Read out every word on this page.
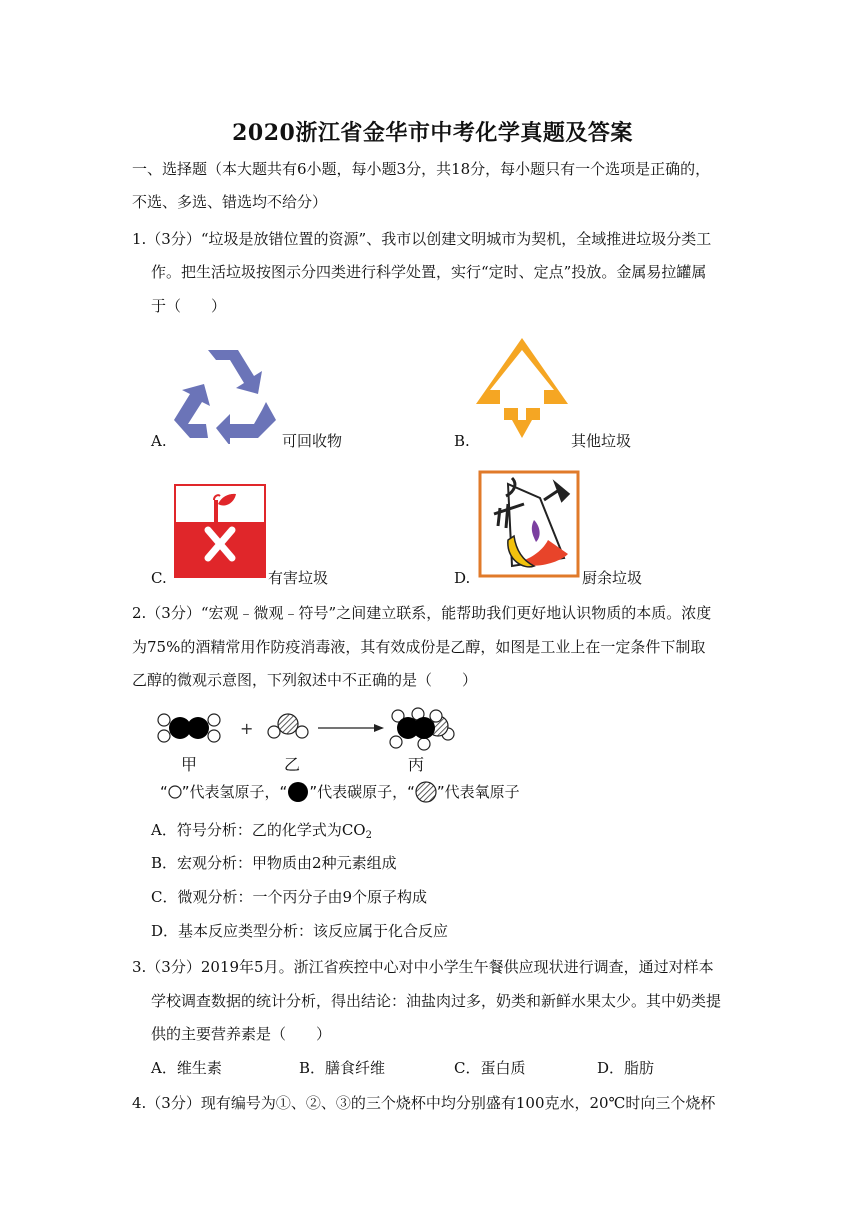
2020浙江省金华市中考化学真题及答案
一、选择题（本大题共有6小题，每小题3分，共18分，每小题只有一个选项是正确的，
不选、多选、错选均不给分）
1.（3分）“垃圾是放错位置的资源”、我市以创建文明城市为契机，全域推进垃圾分类工
作。把生活垃圾按图示分四类进行科学处置，实行“定时、定点”投放。金属易拉罐属
于（　　）
A.	可回收物	B.	其他垃圾
C.	有害垃圾	D.	厨余垃圾
2.（3分）“宏观﹣微观﹣符号”之间建立联系，能帮助我们更好地认识物质的本质。浓度
为75%的酒精常用作防疫消毒液，其有效成份是乙醇，如图是工业上在一定条件下制取
乙醇的微观示意图，下列叙述中不正确的是（　　）
+
甲	乙	丙
“ ”代表氢原子，“ ”代表碳原子，“ ”代表氧原子
A．符号分析：乙的化学式为$CO_2$
B．宏观分析：甲物质由2种元素组成
C．微观分析：一个丙分子由9个原子构成
D．基本反应类型分析：该反应属于化合反应
3.（3分）2019年5月。浙江省疾控中心对中小学生午餐供应现状进行调查，通过对样本
学校调查数据的统计分析，得出结论：油盐肉过多，奶类和新鲜水果太少。其中奶类提
供的主要营养素是（　　）
A．维生素	B．膳食纤维	C．蛋白质	D．脂肪
4.（3分）现有编号为①、②、③的三个烧杯中均分别盛有100克水，20℃时向三个烧杯
